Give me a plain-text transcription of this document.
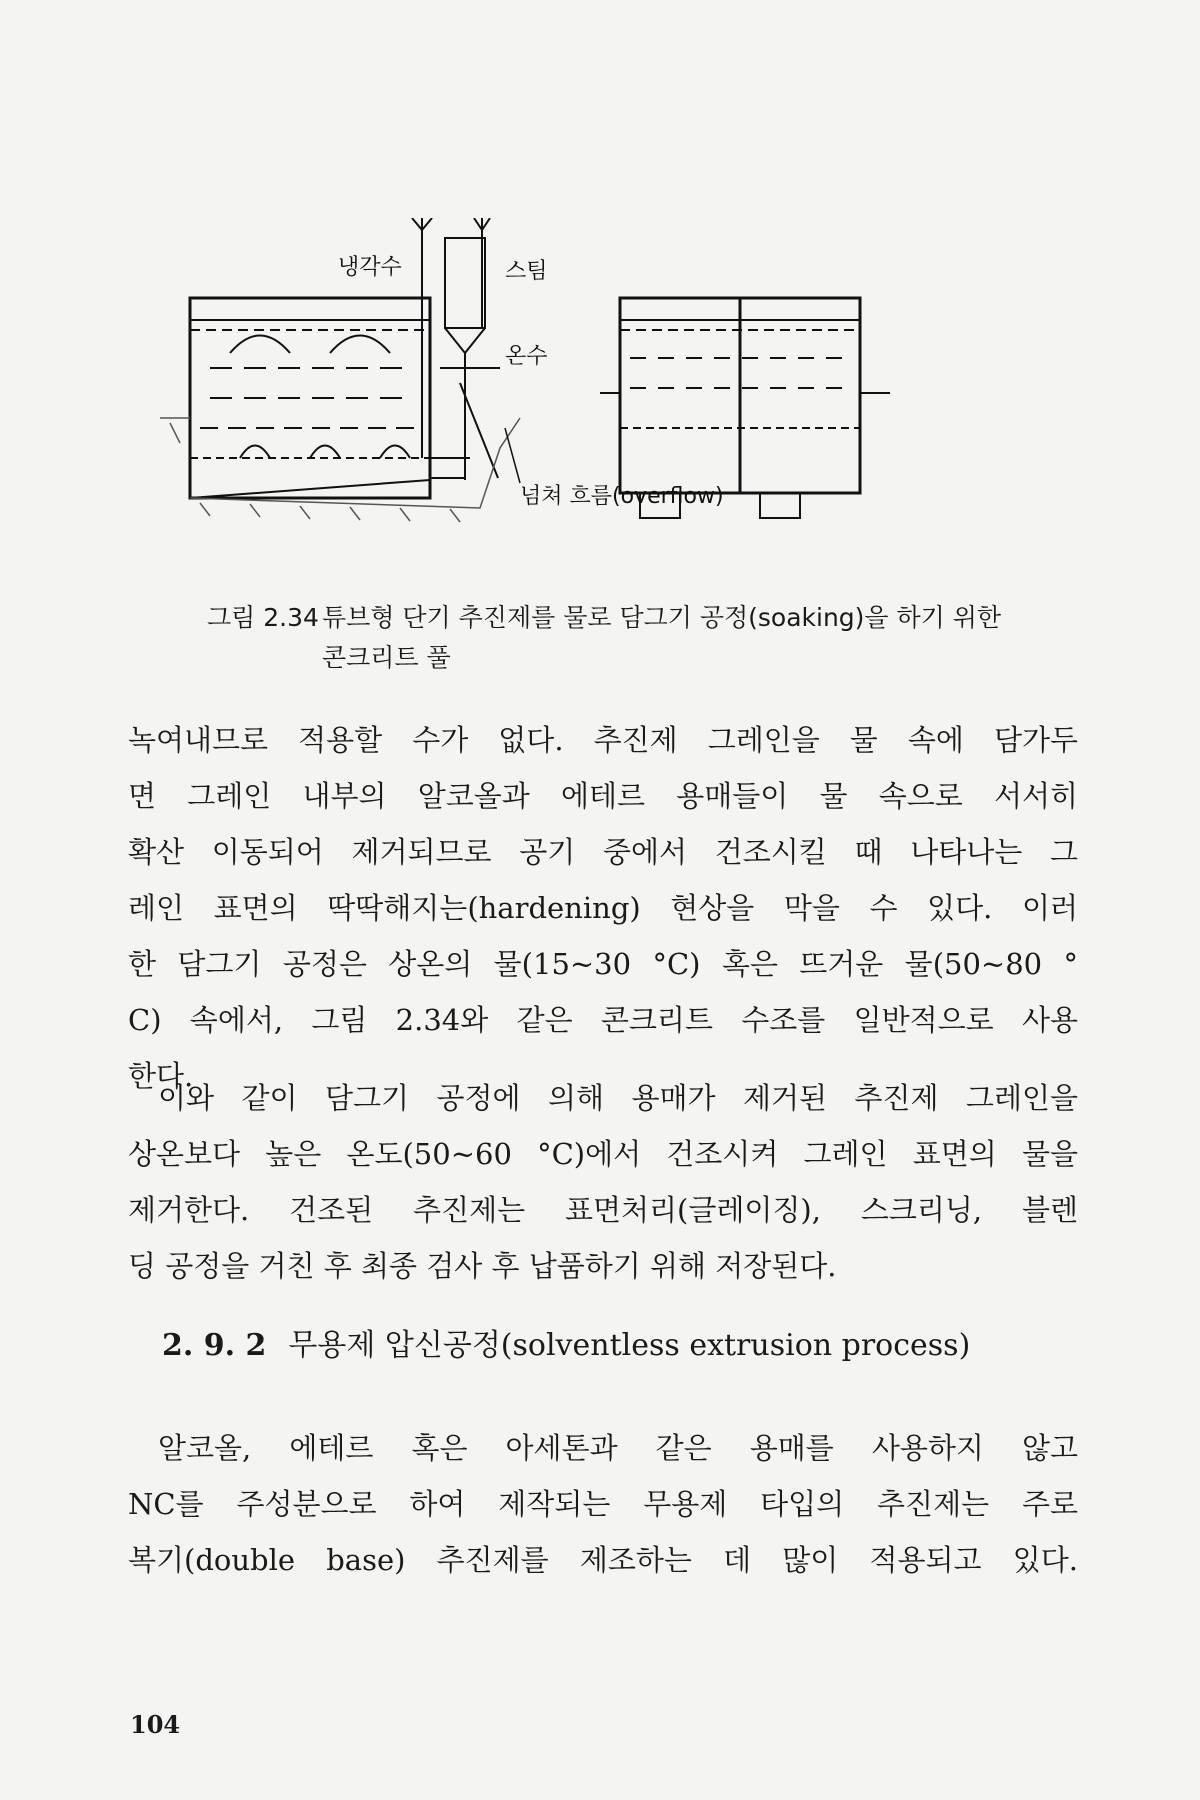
냉각수	스팀
온수
넘쳐 흐름(overflow)
그림 2.34 튜브형 단기 추진제를 물로 담그기 공정(soaking)을 하기 위한
콘크리트 풀

녹여내므로 적용할 수가 없다. 추진제 그레인을 물 속에 담가두
면 그레인 내부의 알코올과 에테르 용매들이 물 속으로 서서히
확산 이동되어 제거되므로 공기 중에서 건조시킬 때 나타나는 그
레인 표면의 딱딱해지는(hardening) 현상을 막을 수 있다. 이러
한 담그기 공정은 상온의 물(15~30 °C) 혹은 뜨거운 물(50~80 °
C) 속에서, 그림 2.34와 같은 콘크리트 수조를 일반적으로 사용
한다.

이와 같이 담그기 공정에 의해 용매가 제거된 추진제 그레인을
상온보다 높은 온도(50~60 °C)에서 건조시켜 그레인 표면의 물을
제거한다. 건조된 추진제는 표면처리(글레이징), 스크리닝, 블렌
딩 공정을 거친 후 최종 검사 후 납품하기 위해 저장된다.

2. 9. 2 무용제 압신공정(solventless extrusion process)

알코올, 에테르 혹은 아세톤과 같은 용매를 사용하지 않고
NC를 주성분으로 하여 제작되는 무용제 타입의 추진제는 주로
복기(double base) 추진제를 제조하는 데 많이 적용되고 있다.

104
